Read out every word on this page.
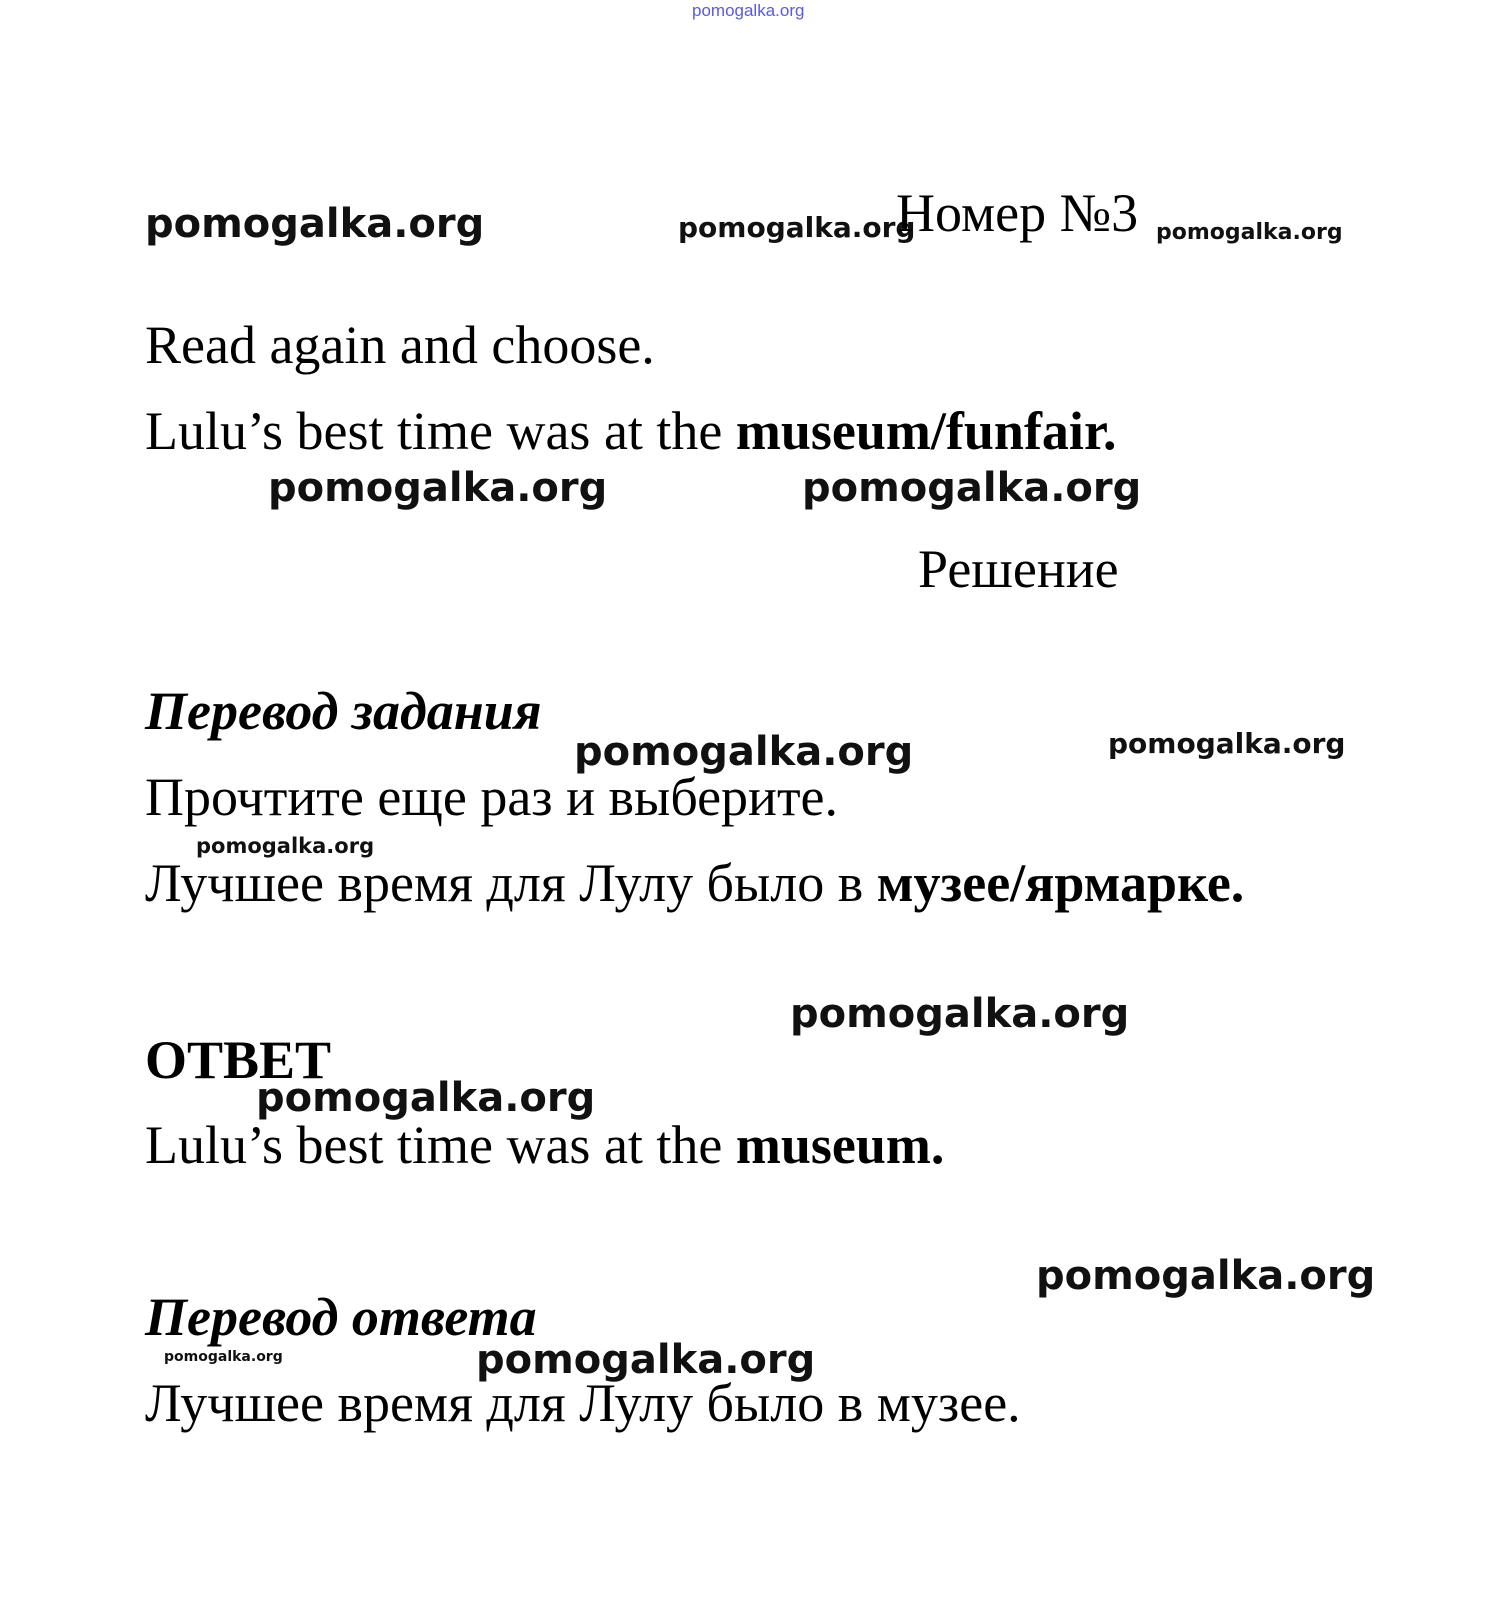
pomogalka.org
pomogalka.org	pomogalka.org
Номер №3 pomogalka.org
Read again and choose.
Lulu’s best time was at the museum/funfair.
pomogalka.org	pomogalka.org
Решение
Перевод задания
pomogalka.org	pomogalka.org
Прочтите еще раз и выберите.
pomogalka.org
Лучшее время для Лулу было в музее/ярмарке.
pomogalka.org
ОТВЕТ
pomogalka.org
Lulu’s best time was at the museum.
pomogalka.org
Перевод ответа
pomogalka.org	pomogalka.org
Лучшее время для Лулу было в музее.
